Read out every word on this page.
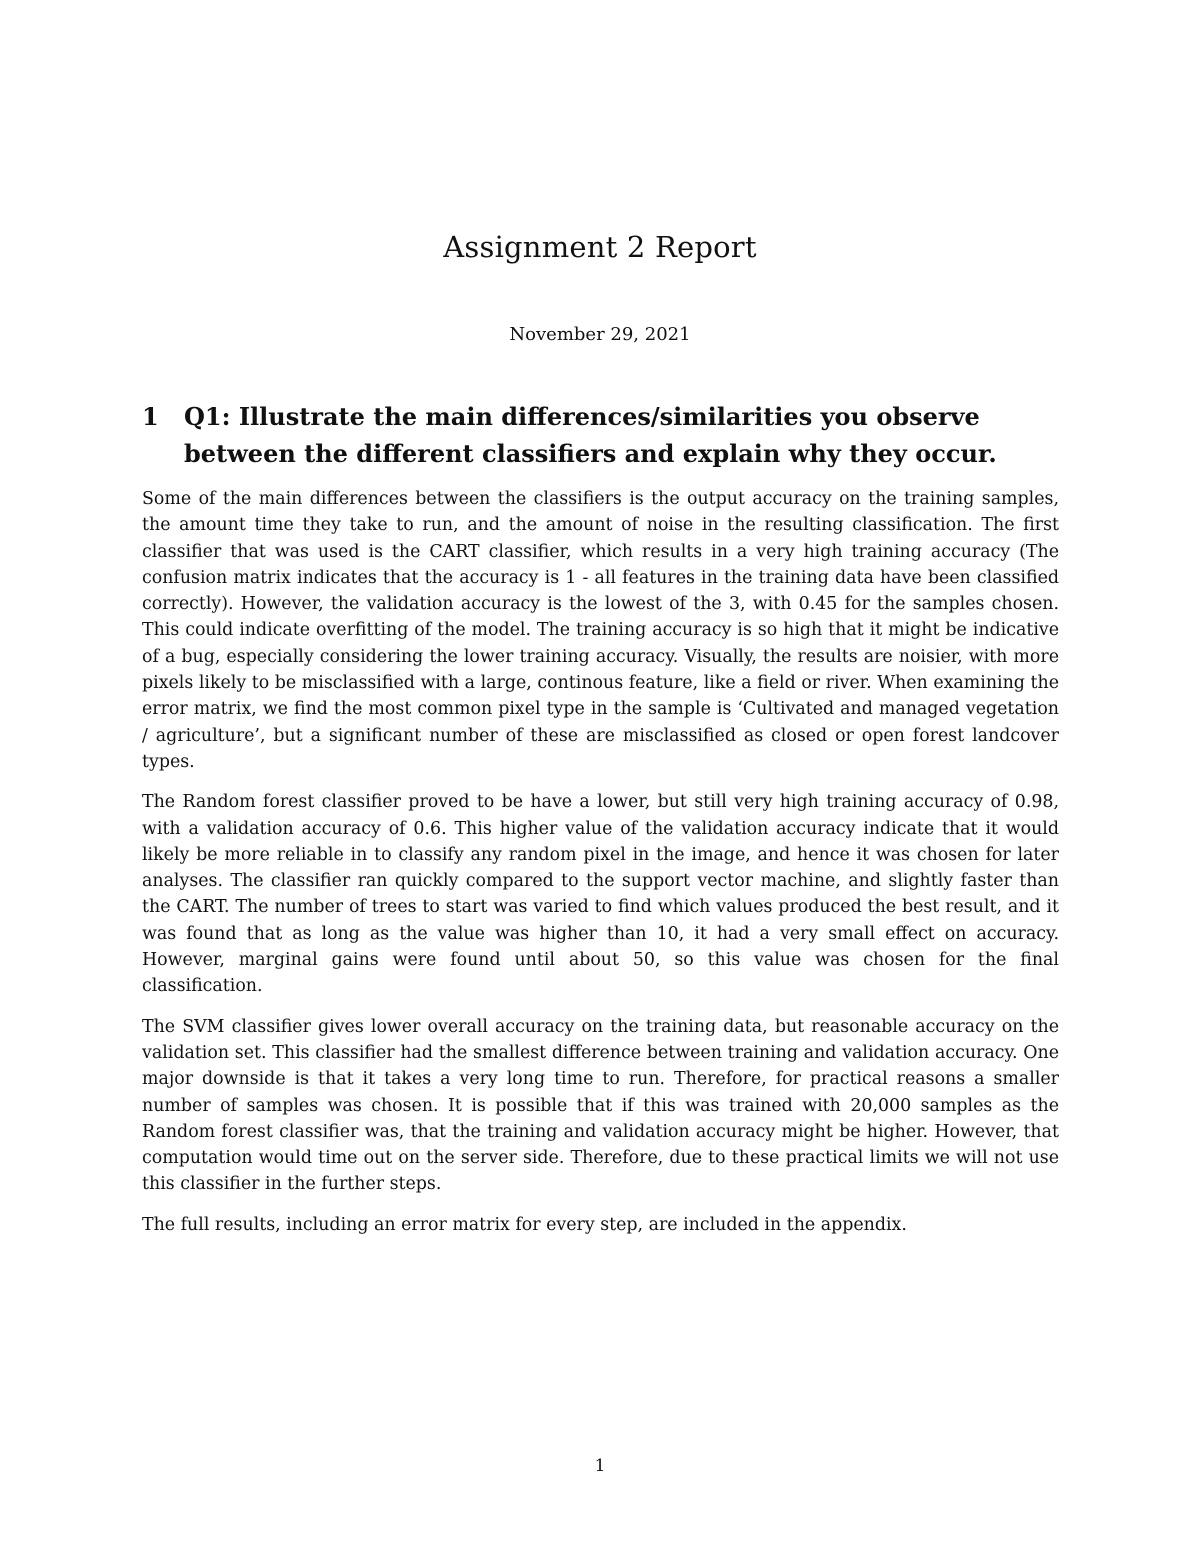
Assignment 2 Report

November 29, 2021

1	Q1: Illustrate the main differences/similarities you observe between the different classifiers and explain why they occur.

Some of the main differences between the classifiers is the output accuracy on the training samples, the amount time they take to run, and the amount of noise in the resulting classification. The first classifier that was used is the CART classifier, which results in a very high training accuracy (The confusion matrix indicates that the accuracy is 1 - all features in the training data have been classified correctly). However, the validation accuracy is the lowest of the 3, with 0.45 for the samples chosen. This could indicate overfitting of the model. The training accuracy is so high that it might be indicative of a bug, especially considering the lower training accuracy. Visually, the results are noisier, with more pixels likely to be misclassified with a large, continous feature, like a field or river. When examining the error matrix, we find the most common pixel type in the sample is ‘Cultivated and managed vegetation / agriculture’, but a significant number of these are misclassified as closed or open forest landcover types.

The Random forest classifier proved to be have a lower, but still very high training accuracy of 0.98, with a validation accuracy of 0.6. This higher value of the validation accuracy indicate that it would likely be more reliable in to classify any random pixel in the image, and hence it was chosen for later analyses. The classifier ran quickly compared to the support vector machine, and slightly faster than the CART. The number of trees to start was varied to find which values produced the best result, and it was found that as long as the value was higher than 10, it had a very small effect on accuracy. However, marginal gains were found until about 50, so this value was chosen for the final classification.

The SVM classifier gives lower overall accuracy on the training data, but reasonable accuracy on the validation set. This classifier had the smallest difference between training and validation accuracy. One major downside is that it takes a very long time to run. Therefore, for practical reasons a smaller number of samples was chosen. It is possible that if this was trained with 20,000 samples as the Random forest classifier was, that the training and validation accuracy might be higher. However, that computation would time out on the server side. Therefore, due to these practical limits we will not use this classifier in the further steps.

The full results, including an error matrix for every step, are included in the appendix.

1
